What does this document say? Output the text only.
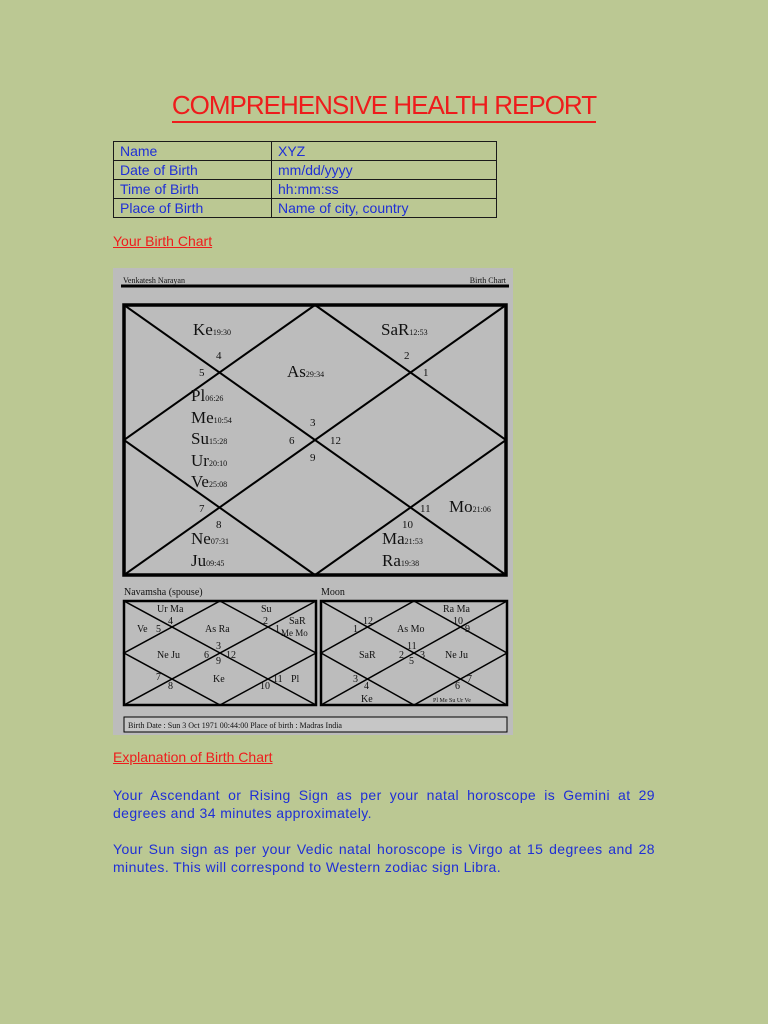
COMPREHENSIVE HEALTH REPORT
Name	XYZ
Date of Birth	mm/dd/yyyy
Time of Birth	hh:mm:ss
Place of Birth	Name of city, country
Your Birth Chart
Venkatesh Narayan	Birth Chart
Ke19:30	SaR12:53
As29:34
Pl06:26
Me10:54
Su15:28
Ur20:10
Ve25:08
Mo21:06
Ne07:31	Ma21:53
Ju09:45	Ra19:38
1
2
3
4
5
6
7
8
9
10
11
12
Navamsha (spouse)
Ur Ma	Su
Ve	As Ra
SaR
Me Mo
Ne Ju
Ke	Pl
4
5
2
1
3
6 12
9
7
8	10
11
Moon
Ra Ma
As Mo
SaR	Ne Ju
Ke	Pl Me Su Ur Ve
1
12	10
9
11
2 3
5
3
4	6
7
Birth Date : Sun 3 Oct 1971 00:44:00 Place of birth : Madras India
Explanation of Birth Chart

Your Ascendant or Rising Sign as per your natal horoscope is Gemini at 29 degrees and 34 minutes approximately.

Your Sun sign as per your Vedic natal horoscope is Virgo at 15 degrees and 28 minutes. This will correspond to Western zodiac sign Libra.
